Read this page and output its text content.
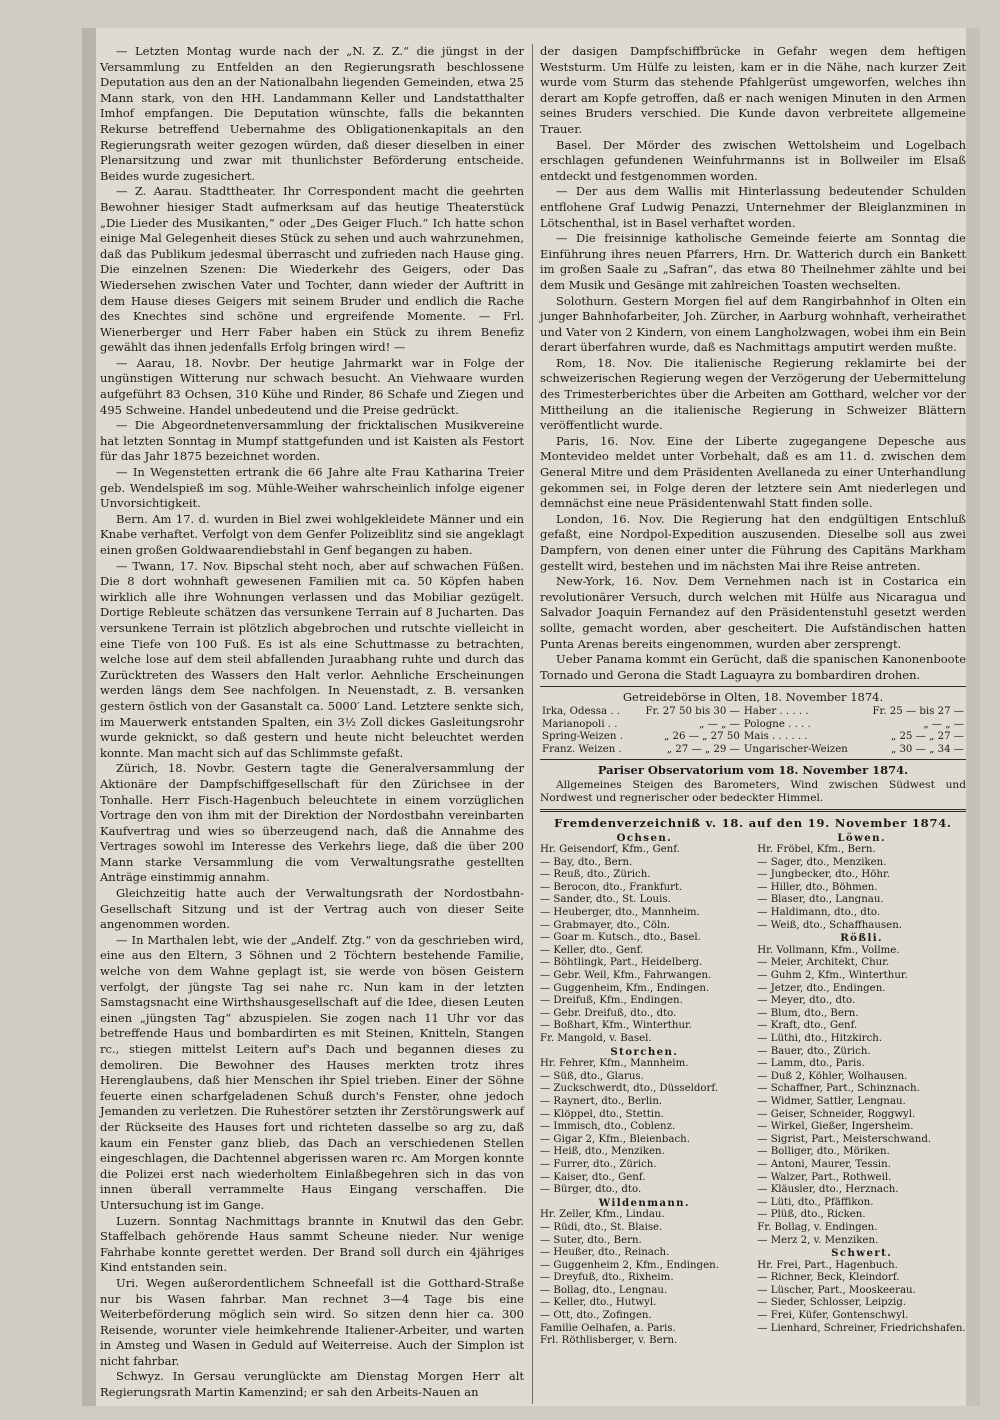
— Letzten Montag wurde nach der „N. Z. Z.“ die jüngst in der Versammlung zu Entfelden an den Regierungsrath beschlossene Deputation aus den an der Nationalbahn liegenden Gemeinden, etwa 25 Mann stark, von den HH. Landammann Keller und Landstatthalter Imhof empfangen. Die Deputation wünschte, falls die bekannten Rekurse betreffend Uebernahme des Obligationenkapitals an den Regierungsrath weiter gezogen würden, daß dieser dieselben in einer Plenarsitzung und zwar mit thunlichster Beförderung entscheide. Beides wurde zugesichert.

— Z. Aarau. Stadttheater. Ihr Correspondent macht die geehrten Bewohner hiesiger Stadt aufmerksam auf das heutige Theaterstück „Die Lieder des Musikanten,“ oder „Des Geiger Fluch.“ Ich hatte schon einige Mal Gelegenheit dieses Stück zu sehen und auch wahrzunehmen, daß das Publikum jedesmal überrascht und zufrieden nach Hause ging. Die einzelnen Szenen: Die Wiederkehr des Geigers, oder Das Wiedersehen zwischen Vater und Tochter, dann wieder der Auftritt in dem Hause dieses Geigers mit seinem Bruder und endlich die Rache des Knechtes sind schöne und ergreifende Momente. — Frl. Wienerberger und Herr Faber haben ein Stück zu ihrem Benefiz gewählt das ihnen jedenfalls Erfolg bringen wird! —

— Aarau, 18. Novbr. Der heutige Jahrmarkt war in Folge der ungünstigen Witterung nur schwach besucht. An Viehwaare wurden aufgeführt 83 Ochsen, 310 Kühe und Rinder, 86 Schafe und Ziegen und 495 Schweine. Handel unbedeutend und die Preise gedrückt.

— Die Abgeordnetenversammlung der fricktalischen Musikvereine hat letzten Sonntag in Mumpf stattgefunden und ist Kaisten als Festort für das Jahr 1875 bezeichnet worden.

— In Wegenstetten ertrank die 66 Jahre alte Frau Katharina Treier geb. Wendelspieß im sog. Mühle-Weiher wahrscheinlich infolge eigener Unvorsichtigkeit.

Bern. Am 17. d. wurden in Biel zwei wohlgekleidete Männer und ein Knabe verhaftet. Verfolgt von dem Genfer Polizeiblitz sind sie angeklagt einen großen Goldwaarendiebstahl in Genf begangen zu haben.

— Twann, 17. Nov. Bipschal steht noch, aber auf schwachen Füßen. Die 8 dort wohnhaft gewesenen Familien mit ca. 50 Köpfen haben wirklich alle ihre Wohnungen verlassen und das Mobiliar gezügelt. Dortige Rebleute schätzen das versunkene Terrain auf 8 Jucharten. Das versunkene Terrain ist plötzlich abgebrochen und rutschte vielleicht in eine Tiefe von 100 Fuß. Es ist als eine Schuttmasse zu betrachten, welche lose auf dem steil abfallenden Juraabhang ruhte und durch das Zurücktreten des Wassers den Halt verlor. Aehnliche Erscheinungen werden längs dem See nachfolgen. In Neuenstadt, z. B. versanken gestern östlich von der Gasanstalt ca. 5000′ Land. Letztere senkte sich, im Mauerwerk entstanden Spalten, ein 3½ Zoll dickes Gasleitungsrohr wurde geknickt, so daß gestern und heute nicht beleuchtet werden konnte. Man macht sich auf das Schlimmste gefaßt.

Zürich, 18. Novbr. Gestern tagte die Generalversammlung der Aktionäre der Dampfschiffgesellschaft für den Zürichsee in der Tonhalle. Herr Fisch-Hagenbuch beleuchtete in einem vorzüglichen Vortrage den von ihm mit der Direktion der Nordostbahn vereinbarten Kaufvertrag und wies so überzeugend nach, daß die Annahme des Vertrages sowohl im Interesse des Verkehrs liege, daß die über 200 Mann starke Versammlung die vom Verwaltungsrathe gestellten Anträge einstimmig annahm.

Gleichzeitig hatte auch der Verwaltungsrath der Nordostbahn-Gesellschaft Sitzung und ist der Vertrag auch von dieser Seite angenommen worden.

— In Marthalen lebt, wie der „Andelf. Ztg.“ von da geschrieben wird, eine aus den Eltern, 3 Söhnen und 2 Töchtern bestehende Familie, welche von dem Wahne geplagt ist, sie werde von bösen Geistern verfolgt, der jüngste Tag sei nahe rc. Nun kam in der letzten Samstagsnacht eine Wirthshausgesellschaft auf die Idee, diesen Leuten einen „jüngsten Tag“ abzuspielen. Sie zogen nach 11 Uhr vor das betreffende Haus und bombardirten es mit Steinen, Knitteln, Stangen rc., stiegen mittelst Leitern auf's Dach und begannen dieses zu demoliren. Die Bewohner des Hauses merkten trotz ihres Herenglaubens, daß hier Menschen ihr Spiel trieben. Einer der Söhne feuerte einen scharfgeladenen Schuß durch's Fenster, ohne jedoch Jemanden zu verletzen. Die Ruhestörer setzten ihr Zerstörungswerk auf der Rückseite des Hauses fort und richteten dasselbe so arg zu, daß kaum ein Fenster ganz blieb, das Dach an verschiedenen Stellen eingeschlagen, die Dachtennel abgerissen waren rc. Am Morgen konnte die Polizei erst nach wiederholtem Einlaßbegehren sich in das von innen überall verrammelte Haus Eingang verschaffen. Die Untersuchung ist im Gange.

Luzern. Sonntag Nachmittags brannte in Knutwil das den Gebr. Staffelbach gehörende Haus sammt Scheune nieder. Nur wenige Fahrhabe konnte gerettet werden. Der Brand soll durch ein 4jähriges Kind entstanden sein.

Uri. Wegen außerordentlichem Schneefall ist die Gotthard-Straße nur bis Wasen fahrbar. Man rechnet 3—4 Tage bis eine Weiterbeförderung möglich sein wird. So sitzen denn hier ca. 300 Reisende, worunter viele heimkehrende Italiener-Arbeiter, und warten in Amsteg und Wasen in Geduld auf Weiterreise. Auch der Simplon ist nicht fahrbar.

Schwyz. In Gersau verunglückte am Dienstag Morgen Herr alt Regierungsrath Martin Kamenzind; er sah den Arbeits-Nauen an

der dasigen Dampfschiffbrücke in Gefahr wegen dem heftigen Weststurm. Um Hülfe zu leisten, kam er in die Nähe, nach kurzer Zeit wurde vom Sturm das stehende Pfahlgerüst umgeworfen, welches ihn derart am Kopfe getroffen, daß er nach wenigen Minuten in den Armen seines Bruders verschied. Die Kunde davon verbreitete allgemeine Trauer.

Basel. Der Mörder des zwischen Wettolsheim und Logelbach erschlagen gefundenen Weinfuhrmanns ist in Bollweiler im Elsaß entdeckt und festgenommen worden.

— Der aus dem Wallis mit Hinterlassung bedeutender Schulden entflohene Graf Ludwig Penazzi, Unternehmer der Bleiglanzminen in Lötschenthal, ist in Basel verhaftet worden.

— Die freisinnige katholische Gemeinde feierte am Sonntag die Einführung ihres neuen Pfarrers, Hrn. Dr. Watterich durch ein Bankett im großen Saale zu „Safran“, das etwa 80 Theilnehmer zählte und bei dem Musik und Gesänge mit zahlreichen Toasten wechselten.

Solothurn. Gestern Morgen fiel auf dem Rangirbahnhof in Olten ein junger Bahnhofarbeiter, Joh. Zürcher, in Aarburg wohnhaft, verheirathet und Vater von 2 Kindern, von einem Langholzwagen, wobei ihm ein Bein derart überfahren wurde, daß es Nachmittags amputirt werden mußte.

Rom, 18. Nov. Die italienische Regierung reklamirte bei der schweizerischen Regierung wegen der Verzögerung der Uebermittelung des Trimesterberichtes über die Arbeiten am Gotthard, welcher vor der Mittheilung an die italienische Regierung in Schweizer Blättern veröffentlicht wurde.

Paris, 16. Nov. Eine der Liberte zugegangene Depesche aus Montevideo meldet unter Vorbehalt, daß es am 11. d. zwischen dem General Mitre und dem Präsidenten Avellaneda zu einer Unterhandlung gekommen sei, in Folge deren der letztere sein Amt niederlegen und demnächst eine neue Präsidentenwahl Statt finden solle.

London, 16. Nov. Die Regierung hat den endgültigen Entschluß gefaßt, eine Nordpol-Expedition auszusenden. Dieselbe soll aus zwei Dampfern, von denen einer unter die Führung des Capitäns Markham gestellt wird, bestehen und im nächsten Mai ihre Reise antreten.

New-York, 16. Nov. Dem Vernehmen nach ist in Costarica ein revolutionärer Versuch, durch welchen mit Hülfe aus Nicaragua und Salvador Joaquin Fernandez auf den Präsidentenstuhl gesetzt werden sollte, gemacht worden, aber gescheitert. Die Aufständischen hatten Punta Arenas bereits eingenommen, wurden aber zersprengt.

Ueber Panama kommt ein Gerücht, daß die spanischen Kanonenboote Tornado und Gerona die Stadt Laguayra zu bombardiren drohen.

Getreidebörse in Olten, 18. November 1874.
Irka, Odessa . .	Fr. 27 50 bis 30 —	Haber . . . . .	Fr. 25 — bis 27 —
Marianopoli . .	„ — „ —	Pologne . . . .	„ — „ —
Spring-Weizen .	„ 26 — „ 27 50	Mais . . . . . .	„ 25 — „ 27 —
Franz. Weizen .	„ 27 — „ 29 —	Ungarischer-Weizen	„ 30 — „ 34 —
Pariser Observatorium vom 18. November 1874.

Allgemeines Steigen des Barometers, Wind zwischen Südwest und Nordwest und regnerischer oder bedeckter Himmel.

Fremdenverzeichniß v. 18. auf den 19. November 1874.
Ochsen.
Hr. Geisendorf, Kfm., Genf.
— Bay, dto., Bern.
— Reuß, dto., Zürich.
— Berocon, dto., Frankfurt.
— Sander, dto., St. Louis.
— Heuberger, dto., Mannheim.
— Grabmayer, dto., Cöln.
— Goar m. Kutsch., dto., Basel.
— Keller, dto., Genf.
— Böhtlingk, Part., Heidelberg.
— Gebr. Weil, Kfm., Fahrwangen.
— Guggenheim, Kfm., Endingen.
— Dreifuß, Kfm., Endingen.
— Gebr. Dreifuß, dto., dto.
— Boßhart, Kfm., Winterthur.
Fr. Mangold, v. Basel.
Storchen.
Hr. Fehrer, Kfm., Mannheim.
— Süß, dto., Glarus.
— Zuckschwerdt, dto., Düsseldorf.
— Raynert, dto., Berlin.
— Klöppel, dto., Stettin.
— Immisch, dto., Coblenz.
— Gigar 2, Kfm., Bleienbach.
— Heiß, dto., Menziken.
— Furrer, dto., Zürich.
— Kaiser, dto., Genf.
— Bürger, dto., dto.
Wildenmann.
Hr. Zeller, Kfm., Lindau.
— Rüdi, dto., St. Blaise.
— Suter, dto., Bern.
— Heußer, dto., Reinach.
— Guggenheim 2, Kfm., Endingen.
— Dreyfuß, dto., Rixheim.
— Bollag, dto., Lengnau.
— Keller, dto., Hutwyl.
— Ott, dto., Zofingen.
Familie Oelhafen, a. Paris.
Frl. Röthlisberger, v. Bern.
Löwen.
Hr. Fröbel, Kfm., Bern.
— Sager, dto., Menziken.
— Jungbecker, dto., Höhr.
— Hiller, dto., Böhmen.
— Blaser, dto., Langnau.
— Haldimann, dto., dto.
— Weiß, dto., Schaffhausen.
Rößli.
Hr. Vollmann, Kfm., Vollme.
— Meier, Architekt, Chur.
— Guhm 2, Kfm., Winterthur.
— Jetzer, dto., Endingen.
— Meyer, dto., dto.
— Blum, dto., Bern.
— Kraft, dto., Genf.
— Lüthi, dto., Hitzkirch.
— Bauer, dto., Zürich.
— Lamm, dto., Paris.
— Duß 2, Köhler, Wolhausen.
— Schaffner, Part., Schinznach.
— Widmer, Sattler, Lengnau.
— Geiser, Schneider, Roggwyl.
— Wirkel, Gießer, Ingersheim.
— Sigrist, Part., Meisterschwand.
— Bolliger, dto., Möriken.
— Antoni, Maurer, Tessin.
— Walzer, Part., Rothweil.
— Kläusler, dto., Herznach.
— Lüti, dto., Pfäffikon.
— Plüß, dto., Ricken.
Fr. Bollag, v. Endingen.
— Merz 2, v. Menziken.
Schwert.
Hr. Frei, Part., Hagenbuch.
— Richner, Beck, Kleindorf.
— Lüscher, Part., Mooskeerau.
— Sieder, Schlosser, Leipzig.
— Frei, Küfer, Gontenschwyl.
— Lienhard, Schreiner, Friedrichshafen.
